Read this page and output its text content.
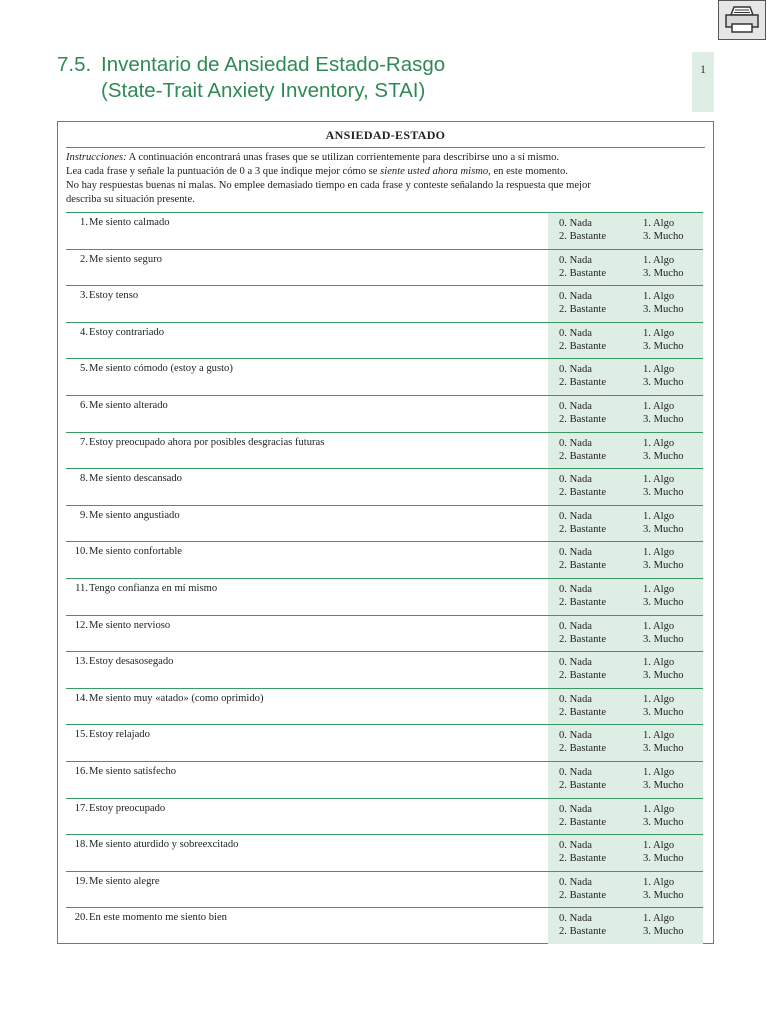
7.5. Inventario de Ansiedad Estado-Rasgo
(State-Trait Anxiety Inventory, STAI)
1
ANSIEDAD-ESTADO

Instrucciones: A continuación encontrará unas frases que se utilizan corrientemente para describirse uno a sí mismo.

Lea cada frase y señale la puntuación de 0 a 3 que indique mejor cómo se siente usted ahora mismo, en este momento.

No hay respuestas buenas ni malas. No emplee demasiado tiempo en cada frase y conteste señalando la respuesta que mejor

describa su situación presente.

1. Me siento calmado	0. Nada	1. Algo
2. Bastante	3. Mucho
2. Me siento seguro	0. Nada	1. Algo
2. Bastante	3. Mucho
3. Estoy tenso	0. Nada	1. Algo
2. Bastante	3. Mucho
4. Estoy contrariado	0. Nada	1. Algo
2. Bastante	3. Mucho
5. Me siento cómodo (estoy a gusto)	0. Nada	1. Algo
2. Bastante	3. Mucho
6. Me siento alterado	0. Nada	1. Algo
2. Bastante	3. Mucho
7. Estoy preocupado ahora por posibles desgracias futuras	0. Nada	1. Algo
2. Bastante	3. Mucho
8. Me siento descansado	0. Nada	1. Algo
2. Bastante	3. Mucho
9. Me siento angustiado	0. Nada	1. Algo
2. Bastante	3. Mucho
10. Me siento confortable	0. Nada	1. Algo
2. Bastante	3. Mucho
11. Tengo confianza en mí mismo	0. Nada	1. Algo
2. Bastante	3. Mucho
12. Me siento nervioso	0. Nada	1. Algo
2. Bastante	3. Mucho
13. Estoy desasosegado	0. Nada	1. Algo
2. Bastante	3. Mucho
14. Me siento muy «atado» (como oprimido)	0. Nada	1. Algo
2. Bastante	3. Mucho
15. Estoy relajado	0. Nada	1. Algo
2. Bastante	3. Mucho
16. Me siento satisfecho	0. Nada	1. Algo
2. Bastante	3. Mucho
17. Estoy preocupado	0. Nada	1. Algo
2. Bastante	3. Mucho
18. Me siento aturdido y sobreexcitado	0. Nada	1. Algo
2. Bastante	3. Mucho
19. Me siento alegre	0. Nada	1. Algo
2. Bastante	3. Mucho
20. En este momento me siento bien	0. Nada	1. Algo
2. Bastante	3. Mucho
